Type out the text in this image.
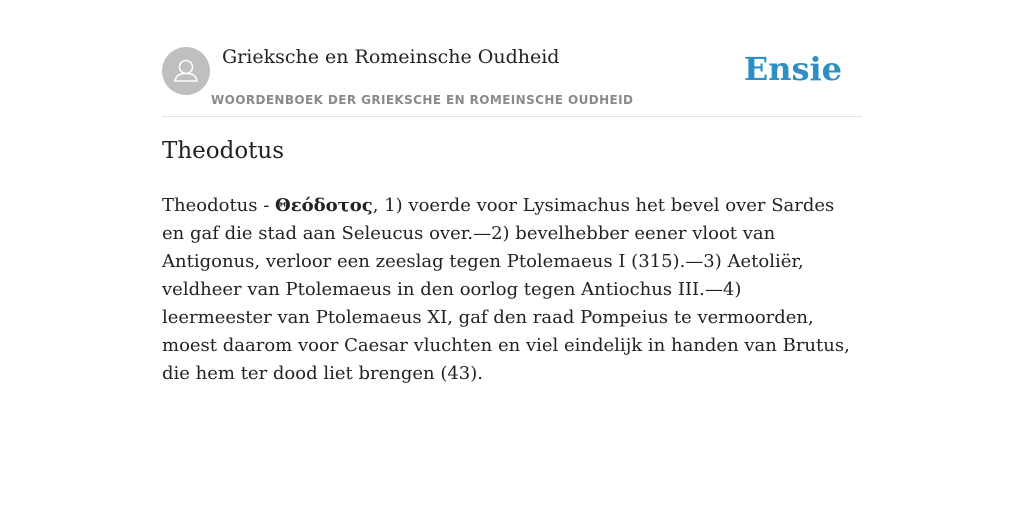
Grieksche en Romeinsche Oudheid
WOORDENBOEK DER GRIEKSCHE EN ROMEINSCHE OUDHEID
Ensie
Theodotus

Theodotus - Θεόδοτος, 1) voerde voor Lysimachus het bevel over Sardes en gaf die stad aan Seleucus over.—2) bevelhebber eener vloot van Antigonus, verloor een zeeslag tegen Ptolemaeus I (315).—3) Aetoliër, veldheer van Ptolemaeus in den oorlog tegen Antiochus III.—4) leermeester van Ptolemaeus XI, gaf den raad Pompeius te vermoorden, moest daarom voor Caesar vluchten en viel eindelijk in handen van Brutus, die hem ter dood liet brengen (43).
